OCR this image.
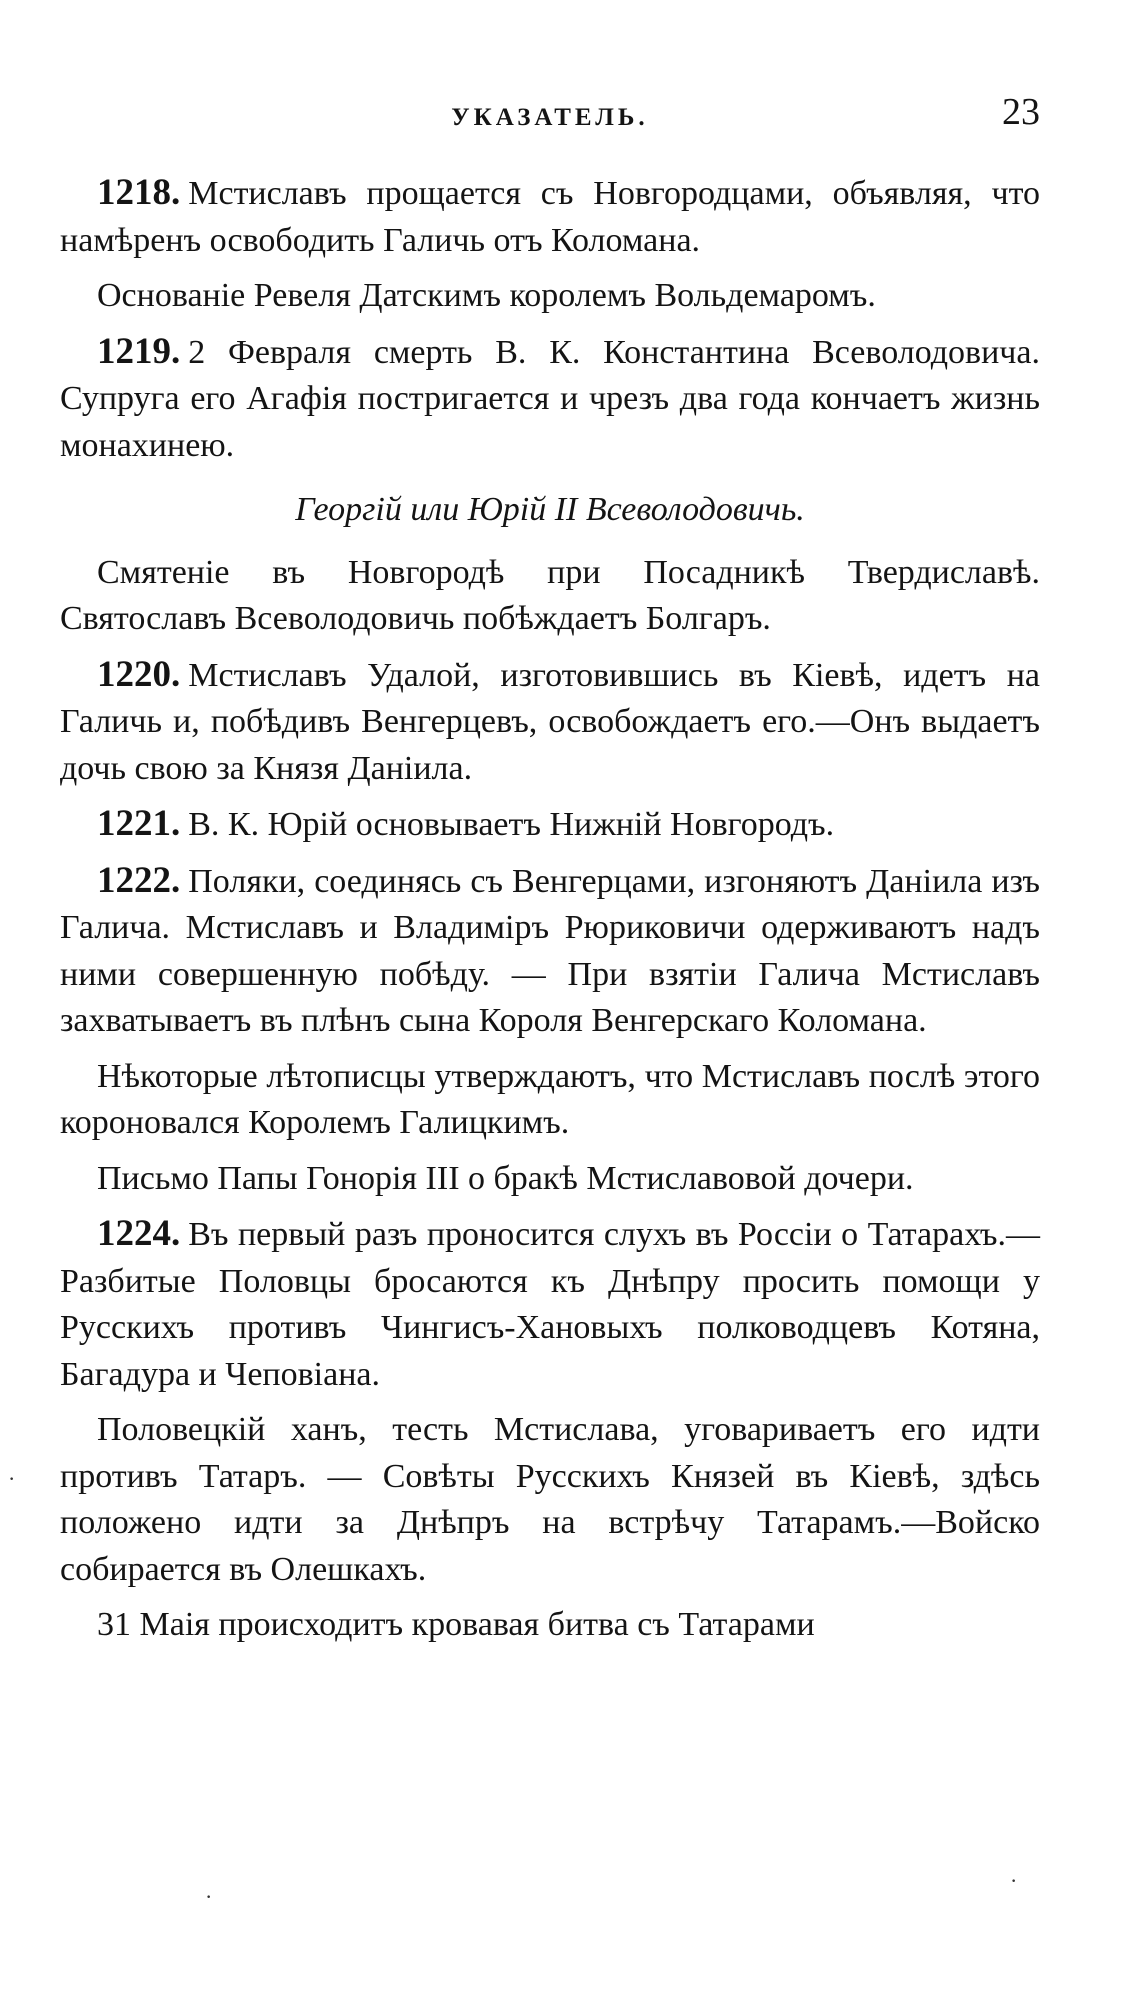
УКАЗАТЕЛЬ.	23

1218. Мстиславъ прощается съ Новгородцами, объявляя, что намѣренъ освободить Галичь отъ Коломана.

Основаніе Ревеля Датскимъ королемъ Вольдемаромъ.

1219. 2 Февраля смерть В. К. Константина Всеволодовича. Супруга его Агафія постригается и чрезъ два года кончаетъ жизнь монахинею.

Георгій или Юрій II Всеволодовичь.

Смятеніе въ Новгородѣ при Посадникѣ Твердиславѣ. Святославъ Всеволодовичь побѣждаетъ Болгаръ.

1220. Мстиславъ Удалой, изготовившись въ Кіевѣ, идетъ на Галичь и, побѣдивъ Венгерцевъ, освобождаетъ его.—Онъ выдаетъ дочь свою за Князя Даніила.

1221. В. К. Юрій основываетъ Нижній Новгородъ.

1222. Поляки, соединясь съ Венгерцами, изгоняютъ Даніила изъ Галича. Мстиславъ и Владиміръ Рюриковичи одерживаютъ надъ ними совершенную побѣду. — При взятіи Галича Мстиславъ захватываетъ въ плѣнъ сына Короля Венгерскаго Коломана.

Нѣкоторые лѣтописцы утверждаютъ, что Мстиславъ послѣ этого короновался Королемъ Галицкимъ.

Письмо Папы Гонорія III о бракѣ Мстиславовой дочери.

1224. Въ первый разъ проносится слухъ въ Россіи о Татарахъ.—Разбитые Половцы бросаются къ Днѣпру просить помощи у Русскихъ противъ Чингисъ-Хановыхъ полководцевъ Котяна, Багадура и Чеповіана.

Половецкій ханъ, тесть Мстислава, уговариваетъ его идти противъ Татаръ. — Совѣты Русскихъ Князей въ Кіевѣ, здѣсь положено идти за Днѣпръ на встрѣчу Татарамъ.—Войско собирается въ Олешкахъ.

31 Маія происходитъ кровавая битва съ Татарами

·
·
·
